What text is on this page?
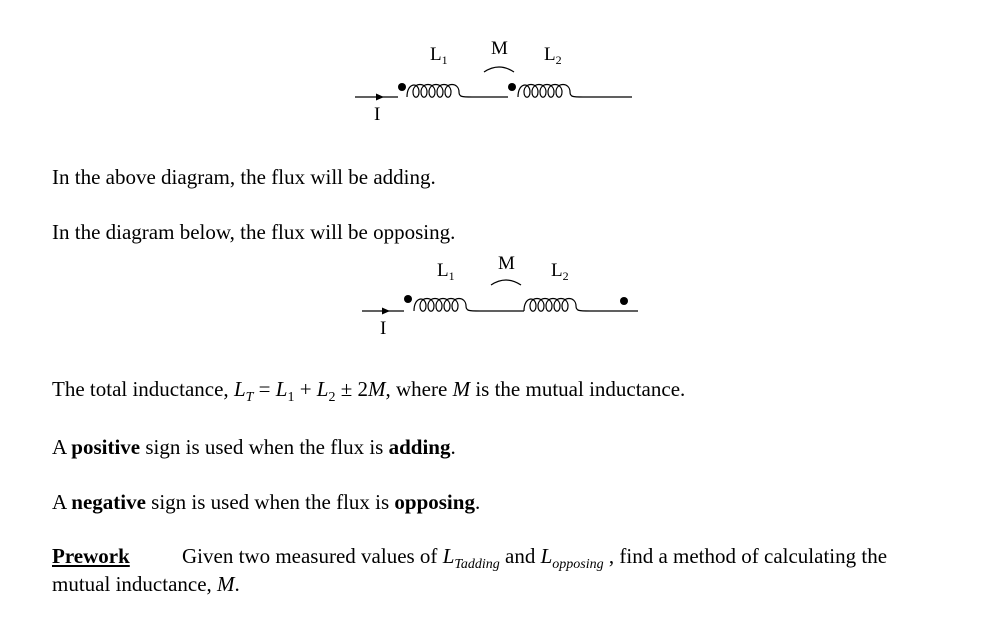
$L_1$
M $L_2$
I
$L_1$
M $L_2$
I
In the above diagram, the flux will be adding.
In the diagram below, the flux will be opposing.
The total inductance, $L_T = L_1 + L_2 \pm 2M$, where M is the mutual inductance.
A positive sign is used when the flux is adding.
A negative sign is used when the flux is opposing.
Prework Given two measured values of $L_{Tadding}$ and $L_{opposing}$ , find a method of calculating the
mutual inductance, M.
